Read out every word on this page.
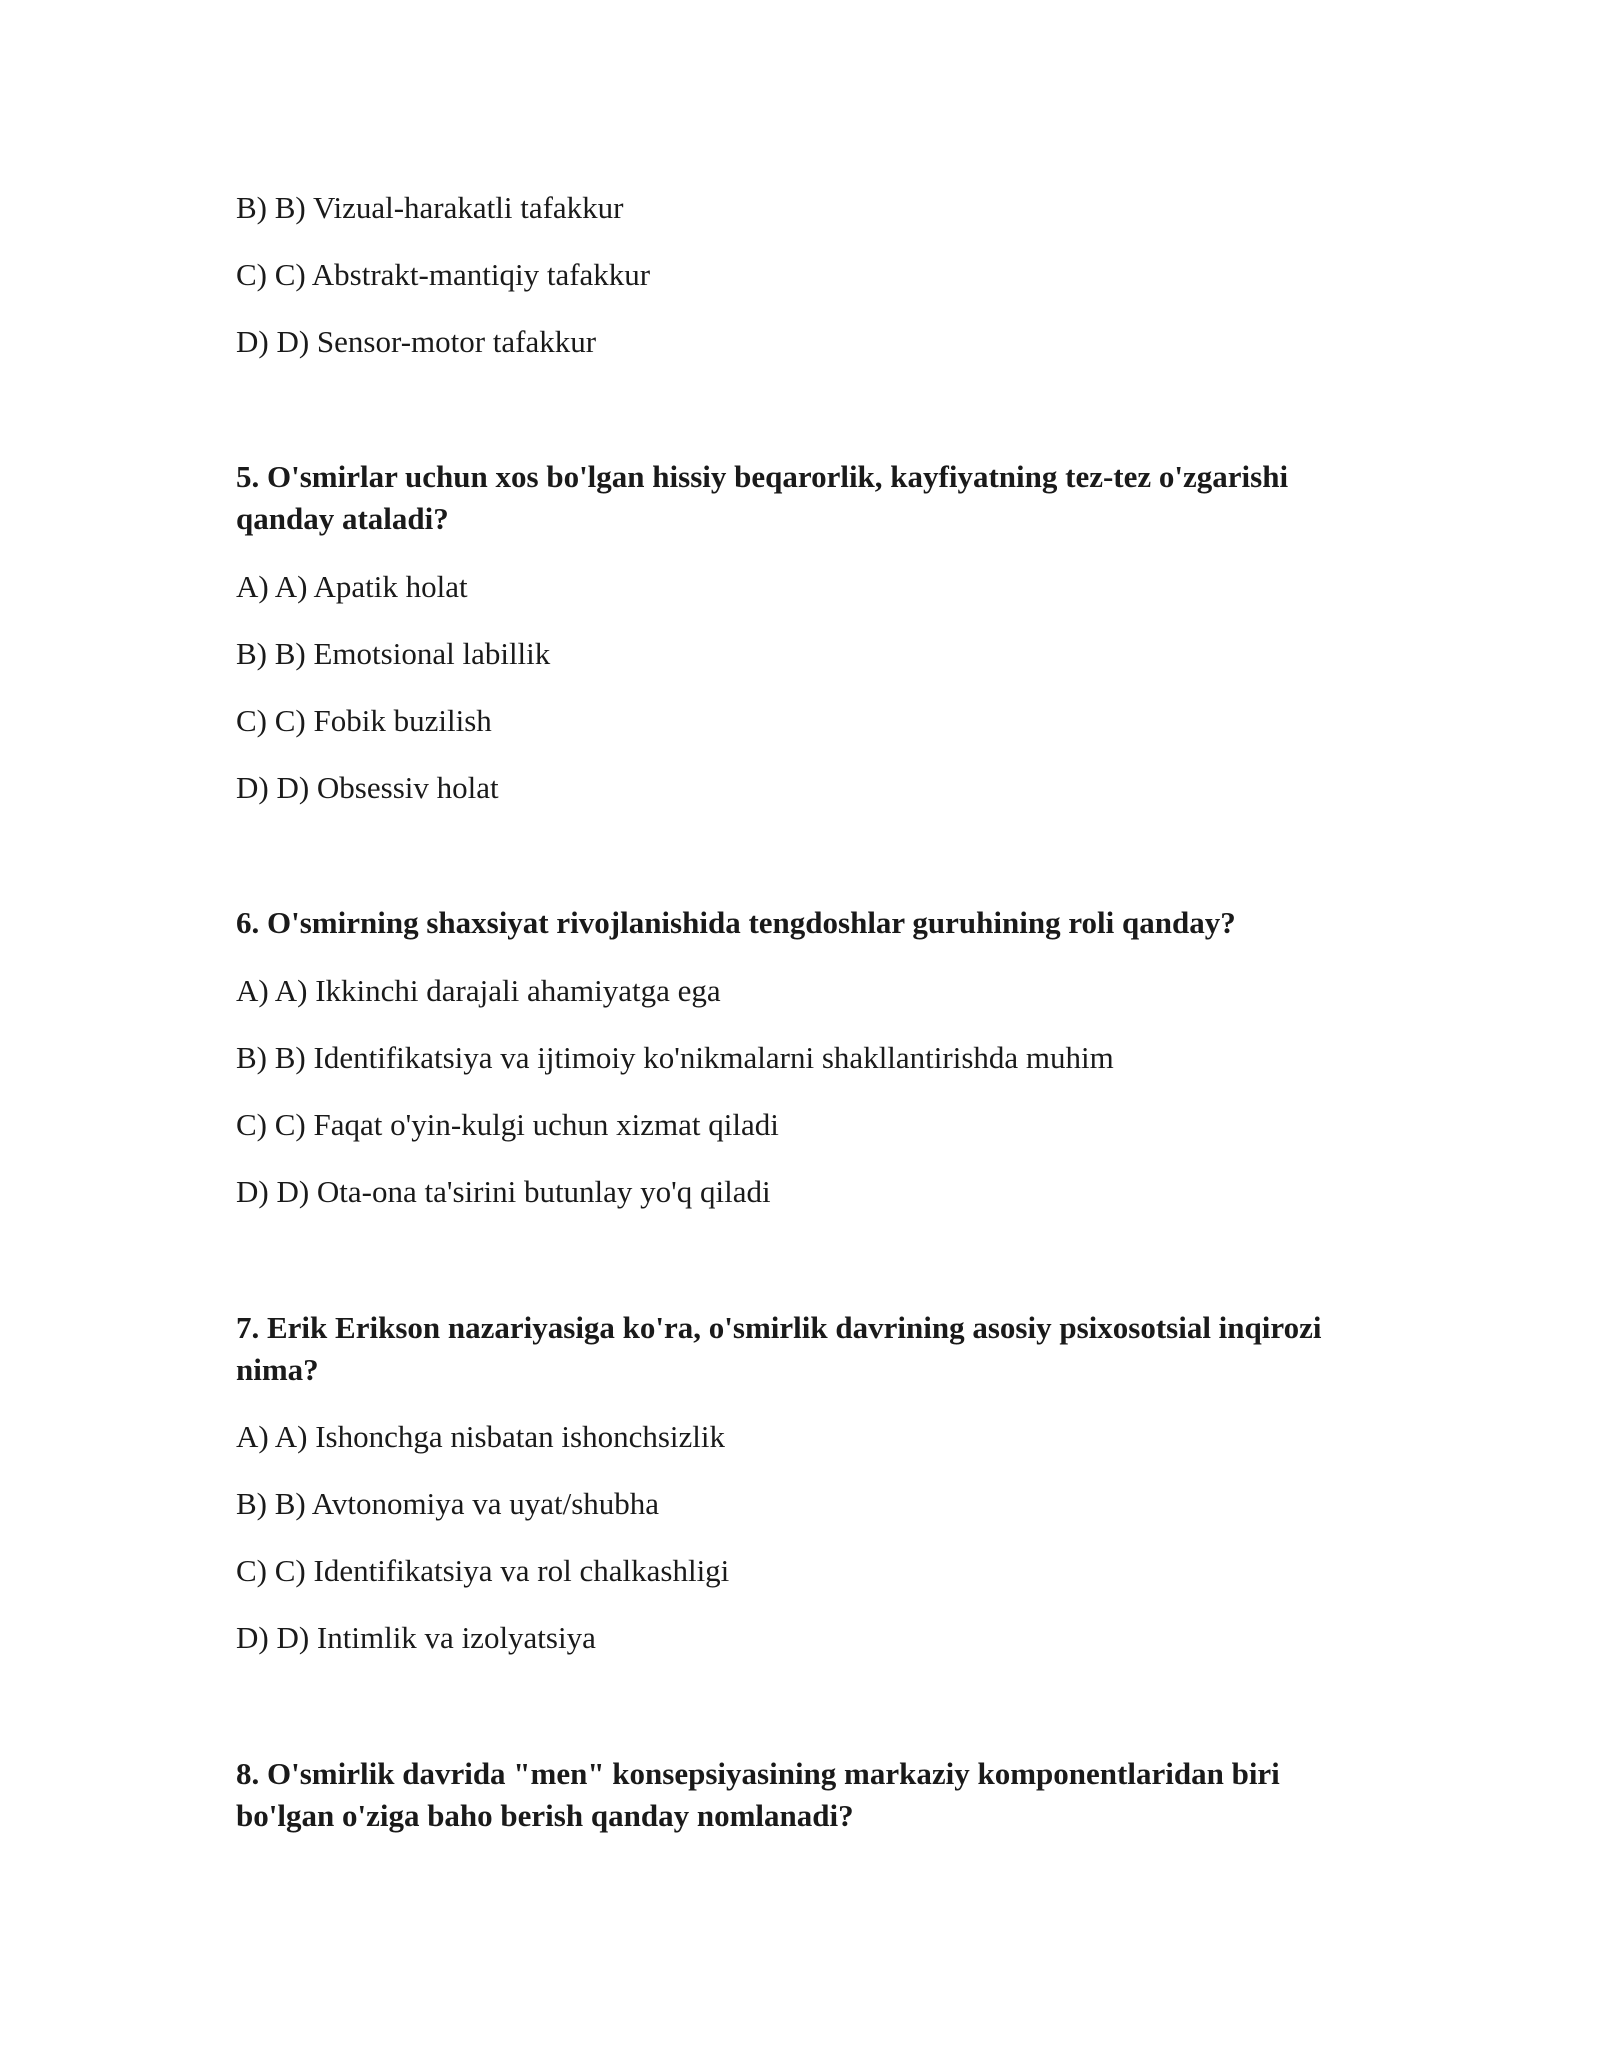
B) B) Vizual-harakatli tafakkur

C) C) Abstrakt-mantiqiy tafakkur

D) D) Sensor-motor tafakkur

5. O'smirlar uchun xos bo'lgan hissiy beqarorlik, kayfiyatning tez-tez o'zgarishi qanday ataladi?

A) A) Apatik holat

B) B) Emotsional labillik

C) C) Fobik buzilish

D) D) Obsessiv holat

6. O'smirning shaxsiyat rivojlanishida tengdoshlar guruhining roli qanday?

A) A) Ikkinchi darajali ahamiyatga ega

B) B) Identifikatsiya va ijtimoiy ko'nikmalarni shakllantirishda muhim

C) C) Faqat o'yin-kulgi uchun xizmat qiladi

D) D) Ota-ona ta'sirini butunlay yo'q qiladi

7. Erik Erikson nazariyasiga ko'ra, o'smirlik davrining asosiy psixosotsial inqirozi nima?

A) A) Ishonchga nisbatan ishonchsizlik

B) B) Avtonomiya va uyat/shubha

C) C) Identifikatsiya va rol chalkashligi

D) D) Intimlik va izolyatsiya

8. O'smirlik davrida "men" konsepsiyasining markaziy komponentlaridan biri bo'lgan o'ziga baho berish qanday nomlanadi?
